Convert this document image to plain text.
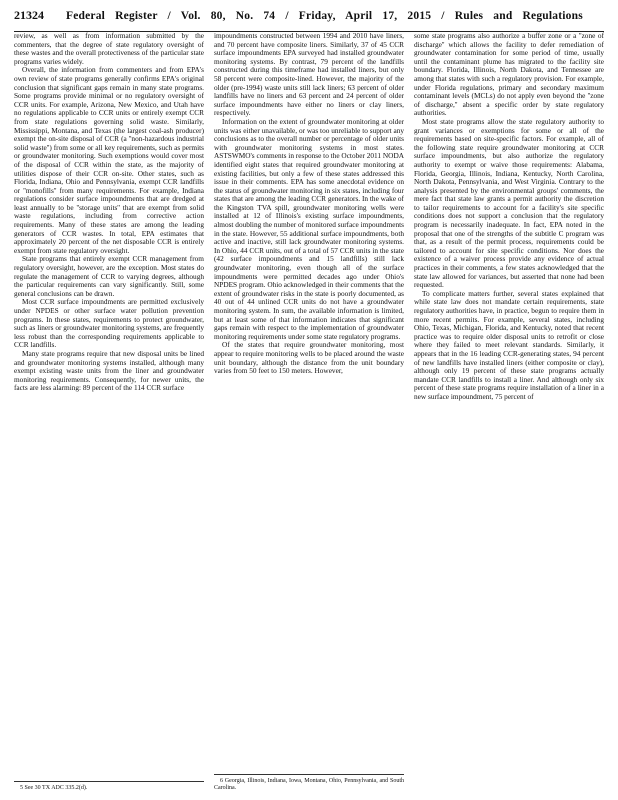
21324 Federal Register / Vol. 80, No. 74 / Friday, April 17, 2015 / Rules and Regulations

review, as well as from information submitted by the commenters, that the degree of state regulatory oversight of these wastes and the overall protectiveness of the particular state programs varies widely.

Overall, the information from commenters and from EPA's own review of state programs generally confirms EPA's original conclusion that significant gaps remain in many state programs. Some programs provide minimal or no regulatory oversight of CCR units. For example, Arizona, New Mexico, and Utah have no regulations applicable to CCR units or entirely exempt CCR from state regulations governing solid waste. Similarly, Mississippi, Montana, and Texas (the largest coal-ash producer) exempt the on-site disposal of CCR (a ''non-hazardous industrial solid waste'') from some or all key requirements, such as permits or groundwater monitoring. Such exemptions would cover most of the disposal of CCR within the state, as the majority of utilities dispose of their CCR on-site. Other states, such as Florida, Indiana, Ohio and Pennsylvania, exempt CCR landfills or ''monofills'' from many requirements. For example, Indiana regulations consider surface impoundments that are dredged at least annually to be ''storage units'' that are exempt from solid waste regulations, including from corrective action requirements. Many of these states are among the leading generators of CCR wastes. In total, EPA estimates that approximately 20 percent of the net disposable CCR is entirely exempt from state regulatory oversight.

State programs that entirely exempt CCR management from regulatory oversight, however, are the exception. Most states do regulate the management of CCR to varying degrees, although the particular requirements can vary significantly. Still, some general conclusions can be drawn.

Most CCR surface impoundments are permitted exclusively under NPDES or other surface water pollution prevention programs. In these states, requirements to protect groundwater, such as liners or groundwater monitoring systems, are frequently less robust than the corresponding requirements applicable to CCR landfills.

Many state programs require that new disposal units be lined and groundwater monitoring systems installed, although many exempt existing waste units from the liner and groundwater monitoring requirements. Consequently, for newer units, the facts are less alarming: 89 percent of the 114 CCR surface

5 See 30 TX ADC 335.2(d).

impoundments constructed between 1994 and 2010 have liners, and 70 percent have composite liners. Similarly, 37 of 45 CCR surface impoundments EPA surveyed had installed groundwater monitoring systems. By contrast, 79 percent of the landfills constructed during this timeframe had installed liners, but only 58 percent were composite-lined. However, the majority of the older (pre-1994) waste units still lack liners; 63 percent of older landfills have no liners and 63 percent and 24 percent of older surface impoundments have either no liners or clay liners, respectively.

Information on the extent of groundwater monitoring at older units was either unavailable, or was too unreliable to support any conclusions as to the overall number or percentage of older units with groundwater monitoring systems in most states. ASTSWMO's comments in response to the October 2011 NODA identified eight states that required groundwater monitoring at existing facilities, but only a few of these states addressed this issue in their comments. EPA has some anecdotal evidence on the status of groundwater monitoring in six states, including four states that are among the leading CCR generators. In the wake of the Kingston TVA spill, groundwater monitoring wells were installed at 12 of Illinois's existing surface impoundments, almost doubling the number of monitored surface impoundments in the state. However, 55 additional surface impoundments, both active and inactive, still lack groundwater monitoring systems. In Ohio, 44 CCR units, out of a total of 57 CCR units in the state (42 surface impoundments and 15 landfills) still lack groundwater monitoring, even though all of the surface impoundments were permitted decades ago under Ohio's NPDES program. Ohio acknowledged in their comments that the extent of groundwater risks in the state is poorly documented, as 40 out of 44 unlined CCR units do not have a groundwater monitoring system. In sum, the available information is limited, but at least some of that information indicates that significant gaps remain with respect to the implementation of groundwater monitoring requirements under some state regulatory programs.

Of the states that require groundwater monitoring, most appear to require monitoring wells to be placed around the waste unit boundary, although the distance from the unit boundary varies from 50 feet to 150 meters. However,

6 Georgia, Illinois, Indiana, Iowa, Montana, Ohio, Pennsylvania, and South Carolina.

some state programs also authorize a buffer zone or a ''zone of discharge'' which allows the facility to defer remediation of groundwater contamination for some period of time, usually until the contaminant plume has migrated to the facility site boundary. Florida, Illinois, North Dakota, and Tennessee are among that states with such a regulatory provision. For example, under Florida regulations, primary and secondary maximum contaminant levels (MCLs) do not apply even beyond the ''zone of discharge,'' absent a specific order by state regulatory authorities.

Most state programs allow the state regulatory authority to grant variances or exemptions for some or all of the requirements based on site-specific factors. For example, all of the following state require groundwater monitoring at CCR surface impoundments, but also authorize the regulatory authority to exempt or waive those requirements: Alabama, Florida, Georgia, Illinois, Indiana, Kentucky, North Carolina, North Dakota, Pennsylvania, and West Virginia. Contrary to the analysis presented by the environmental groups' comments, the mere fact that state law grants a permit authority the discretion to tailor requirements to account for a facility's site specific conditions does not support a conclusion that the regulatory program is necessarily inadequate. In fact, EPA noted in the proposal that one of the strengths of the subtitle C program was that, as a result of the permit process, requirements could be tailored to account for site specific conditions. Nor does the existence of a waiver process provide any evidence of actual practices in their comments, a few states acknowledged that the state law allowed for variances, but asserted that none had been requested.

To complicate matters further, several states explained that while state law does not mandate certain requirements, state regulatory authorities have, in practice, begun to require them in more recent permits. For example, several states, including Ohio, Texas, Michigan, Florida, and Kentucky, noted that recent practice was to require older disposal units to retrofit or close where they failed to meet relevant standards. Similarly, it appears that in the 16 leading CCR-generating states, 94 percent of new landfills have installed liners (either composite or clay), although only 19 percent of these state programs actually mandate CCR landfills to install a liner. And although only six percent of these state programs require installation of a liner in a new surface impoundment, 75 percent of
